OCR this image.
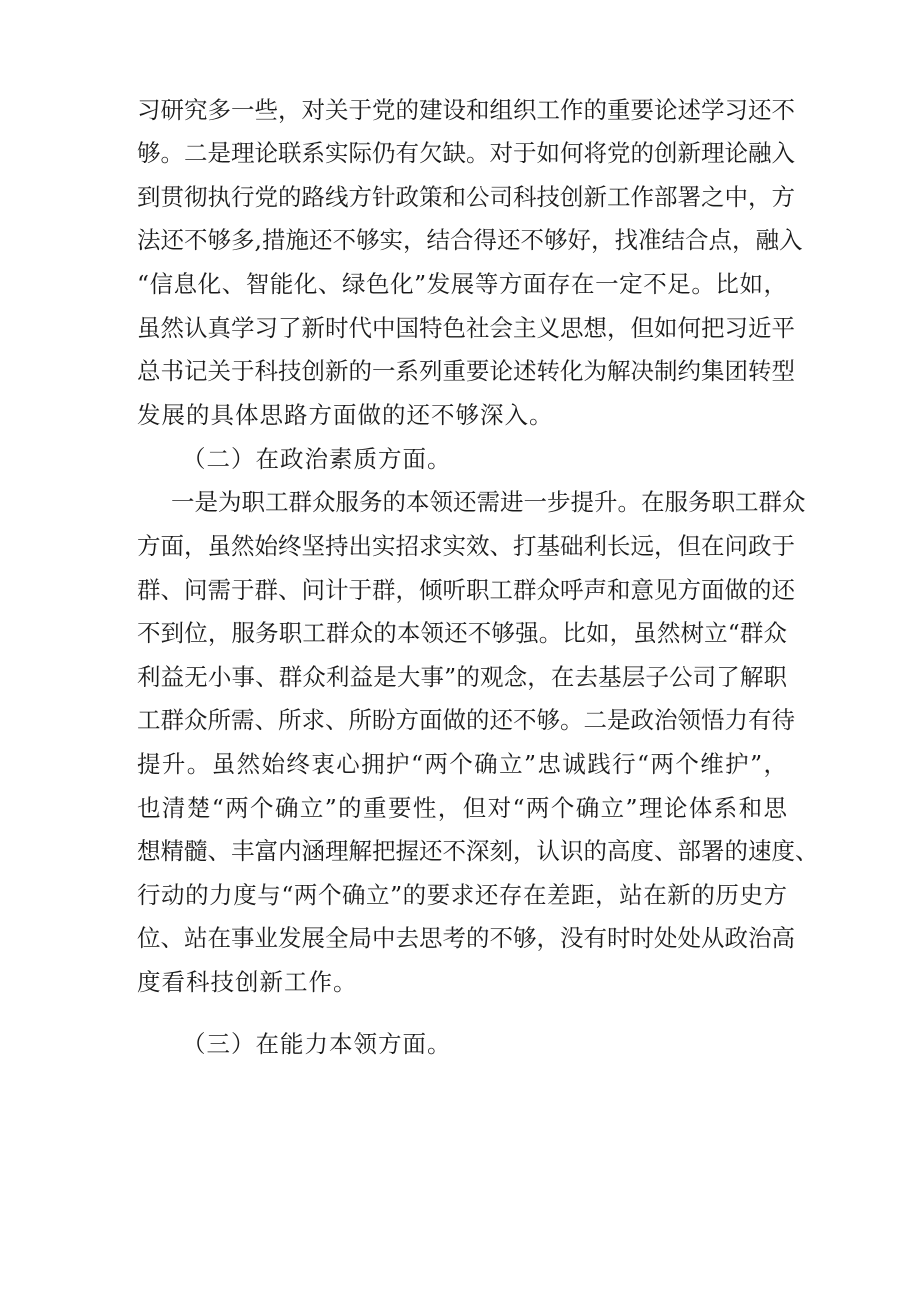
习研究多一些，对关于党的建设和组织工作的重要论述学习还不
够。二是理论联系实际仍有欠缺。对于如何将党的创新理论融入
到贯彻执行党的路线方针政策和公司科技创新工作部署之中，方
法还不够多,措施还不够实，结合得还不够好，找准结合点，融入
“信息化、智能化、绿色化”发展等方面存在一定不足。比如，
虽然认真学习了新时代中国特色社会主义思想，但如何把习近平
总书记关于科技创新的一系列重要论述转化为解决制约集团转型
发展的具体思路方面做的还不够深入。
（二）在政治素质方面。
一是为职工群众服务的本领还需进一步提升。在服务职工群众
方面，虽然始终坚持出实招求实效、打基础利长远，但在问政于
群、问需于群、问计于群，倾听职工群众呼声和意见方面做的还
不到位，服务职工群众的本领还不够强。比如，虽然树立“群众
利益无小事、群众利益是大事”的观念，在去基层子公司了解职
工群众所需、所求、所盼方面做的还不够。二是政治领悟力有待
提升。虽然始终衷心拥护“两个确立”忠诚践行“两个维护”，
也清楚“两个确立”的重要性，但对“两个确立”理论体系和思
想精髓、丰富内涵理解把握还不深刻，认识的高度、部署的速度、
行动的力度与“两个确立”的要求还存在差距，站在新的历史方
位、站在事业发展全局中去思考的不够，没有时时处处从政治高
度看科技创新工作。
（三）在能力本领方面。
